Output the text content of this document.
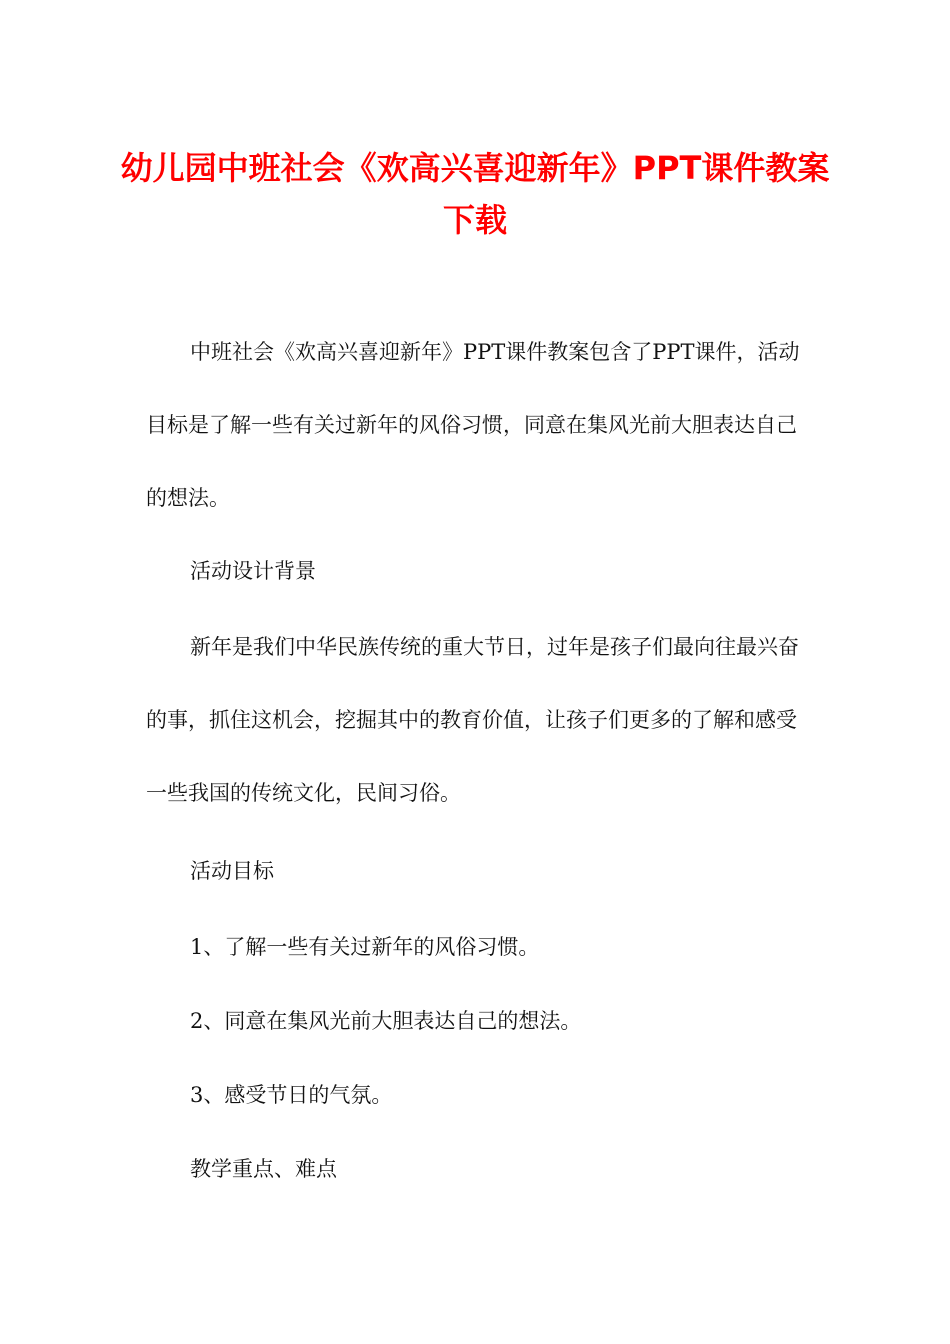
幼儿园中班社会《欢高兴喜迎新年》PPT课件教案下载

中班社会《欢高兴喜迎新年》PPT课件教案包含了PPT课件，活动目标是了解一些有关过新年的风俗习惯，同意在集风光前大胆表达自己的想法。

活动设计背景

新年是我们中华民族传统的重大节日，过年是孩子们最向往最兴奋的事，抓住这机会，挖掘其中的教育价值，让孩子们更多的了解和感受一些我国的传统文化，民间习俗。

活动目标

1、了解一些有关过新年的风俗习惯。

2、同意在集风光前大胆表达自己的想法。

3、感受节日的气氛。

教学重点、难点
